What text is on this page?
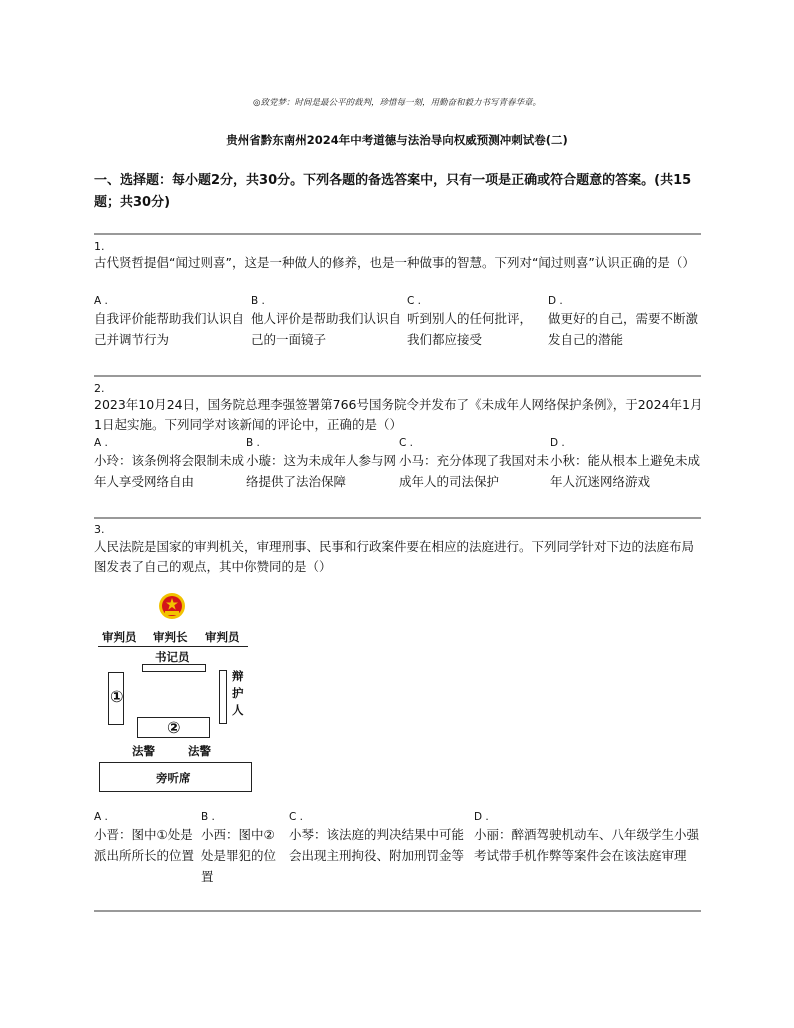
◎致党梦：时间是最公平的裁判，珍惜每一刻，用勤奋和毅力书写青春华章。
贵州省黔东南州2024年中考道德与法治导向权威预测冲刺试卷(二)
一、选择题：每小题2分，共30分。下列各题的备选答案中，只有一项是正确或符合题意的答案。(共15题；共30分)
1.
古代贤哲提倡“闻过则喜”，这是一种做人的修养，也是一种做事的智慧。下列对“闻过则喜”认识正确的是（）
A .
自我评价能帮助我们认识自己并调节行为
B .
他人评价是帮助我们认识自己的一面镜子
C .
听到别人的任何批评，我们都应接受
D .
做更好的自己，需要不断激发自己的潜能
2.
2023年10月24日，国务院总理李强签署第766号国务院令并发布了《未成年人网络保护条例》，于2024年1月1日起实施。下列同学对该新闻的评论中，正确的是（）
A .
小玲：该条例将会限制未成年人享受网络自由
B .
小璇：这为未成年人参与网络提供了法治保障
C .
小马：充分体现了我国对未成年人的司法保护
D .
小秋：能从根本上避免未成年人沉迷网络游戏
3.
人民法院是国家的审判机关，审理刑事、民事和行政案件要在相应的法庭进行。下列同学针对下边的法庭布局图发表了自己的观点，其中你赞同的是（）
审判员 审判长 审判员
书记员
①
辩护人
②
法警	法警
旁听席
A .
小晋：图中①处是派出所所长的位置
B .
小西：图中②处是罪犯的位置
C .
小琴：该法庭的判决结果中可能会出现主刑拘役、附加刑罚金等
D .
小丽：醉酒驾驶机动车、八年级学生小强考试带手机作弊等案件会在该法庭审理
